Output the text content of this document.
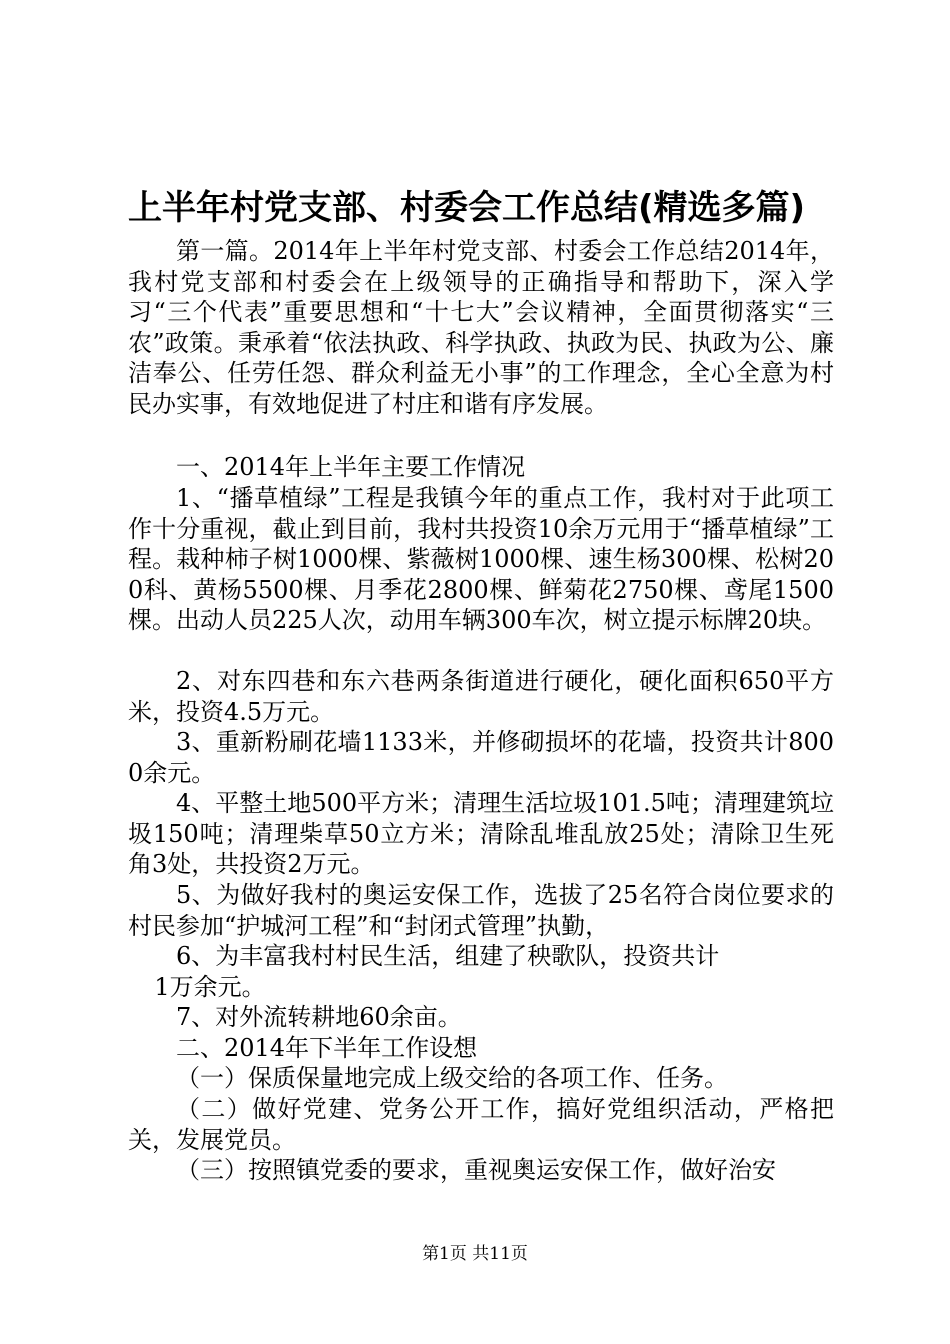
上半年村党支部、村委会工作总结(精选多篇)

第一篇。2014年上半年村党支部、村委会工作总结2014年，我村党支部和村委会在上级领导的正确指导和帮助下，深入学习“三个代表”重要思想和“十七大”会议精神，全面贯彻落实“三农”政策。秉承着“依法执政、科学执政、执政为民、执政为公、廉洁奉公、任劳任怨、群众利益无小事”的工作理念，全心全意为村民办实事，有效地促进了村庄和谐有序发展。

一、2014年上半年主要工作情况

1、“播草植绿”工程是我镇今年的重点工作，我村对于此项工作十分重视，截止到目前，我村共投资10余万元用于“播草植绿”工程。栽种柿子树1000棵、紫薇树1000棵、速生杨300棵、松树200科、黄杨5500棵、月季花2800棵、鲜菊花2750棵、鸢尾1500棵。出动人员225人次，动用车辆300车次，树立提示标牌20块。

2、对东四巷和东六巷两条街道进行硬化，硬化面积650平方米，投资4.5万元。

3、重新粉刷花墙1133米，并修砌损坏的花墙，投资共计8000余元。

4、平整土地500平方米；清理生活垃圾101.5吨；清理建筑垃圾150吨；清理柴草50立方米；清除乱堆乱放25处；清除卫生死角3处，共投资2万元。

5、为做好我村的奥运安保工作，选拔了25名符合岗位要求的村民参加“护城河工程”和“封闭式管理”执勤，

6、为丰富我村村民生活，组建了秧歌队，投资共计

1万余元。

7、对外流转耕地60余亩。

二、2014年下半年工作设想

（一）保质保量地完成上级交给的各项工作、任务。

（二）做好党建、党务公开工作，搞好党组织活动，严格把关，发展党员。

（三）按照镇党委的要求，重视奥运安保工作，做好治安

第1页 共11页
